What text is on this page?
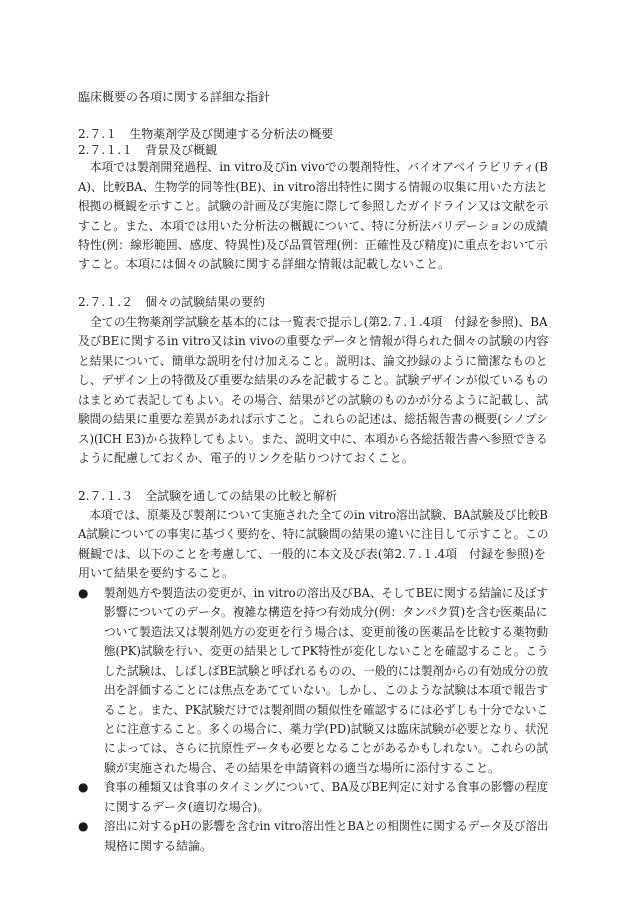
臨床概要の各項に関する詳細な指針
2.７.１　生物薬剤学及び関連する分析法の概要
2.７.１.１　背景及び概観
　本項では製剤開発過程、in vitro及びin vivoでの製剤特性、バイオアベイラビリティ(B
A)、比較BA、生物学的同等性(BE)、in vitro溶出特性に関する情報の収集に用いた方法と
根拠の概観を示すこと。試験の計画及び実施に際して参照したガイドライン又は文献を示
すこと。また、本項では用いた分析法の概観について、特に分析法バリデーションの成績
特性(例：線形範囲、感度、特異性)及び品質管理(例：正確性及び精度)に重点をおいて示
すこと。本項には個々の試験に関する詳細な情報は記載しないこと。
2.７.１.２　個々の試験結果の要約
　全ての生物薬剤学試験を基本的には一覧表で提示し(第2.７.１.4項　付録を参照)、BA
及びBEに関するin vitro又はin vivoの重要なデータと情報が得られた個々の試験の内容
と結果について、簡単な説明を付け加えること。説明は、論文抄録のように簡潔なものと
し、デザイン上の特徴及び重要な結果のみを記載すること。試験デザインが似ているもの
はまとめて表記してもよい。その場合、結果がどの試験のものかが分るように記載し、試
験間の結果に重要な差異があれば示すこと。これらの記述は、総括報告書の概要(シノプシ
ス)(ICH E3)から抜粋してもよい。また、説明文中に、本項から各総括報告書へ参照できる
ように配慮しておくか、電子的リンクを貼りつけておくこと。
2.７.１.３　全試験を通しての結果の比較と解析
　本項では、原薬及び製剤について実施された全てのin vitro溶出試験、BA試験及び比較B
A試験についての事実に基づく要約を、特に試験間の結果の違いに注目して示すこと。この
概観では、以下のことを考慮して、一般的に本文及び表(第2.７.１.4項　付録を参照)を
用いて結果を要約すること。
● 製剤処方や製造法の変更が、in vitroの溶出及びBA、そしてBEに関する結論に及ぼす
影響についてのデータ。複雑な構造を持つ有効成分(例：タンパク質)を含む医薬品に
ついて製造法又は製剤処方の変更を行う場合は、変更前後の医薬品を比較する薬物動
態(PK)試験を行い、変更の結果としてPK特性が変化しないことを確認すること。こう
した試験は、しばしばBE試験と呼ばれるものの、一般的には製剤からの有効成分の放
出を評価することには焦点をあてていない。しかし、このような試験は本項で報告す
ること。また、PK試験だけでは製剤間の類似性を確認するには必ずしも十分でないこ
とに注意すること。多くの場合に、薬力学(PD)試験又は臨床試験が必要となり、状況
によっては、さらに抗原性データも必要となることがあるかもしれない。これらの試
験が実施された場合、その結果を申請資料の適当な場所に添付すること。
● 食事の種類又は食事のタイミングについて、BA及びBE判定に対する食事の影響の程度
に関するデータ(適切な場合)。
● 溶出に対するpHの影響を含むin vitro溶出性とBAとの相関性に関するデータ及び溶出
規格に関する結論。
